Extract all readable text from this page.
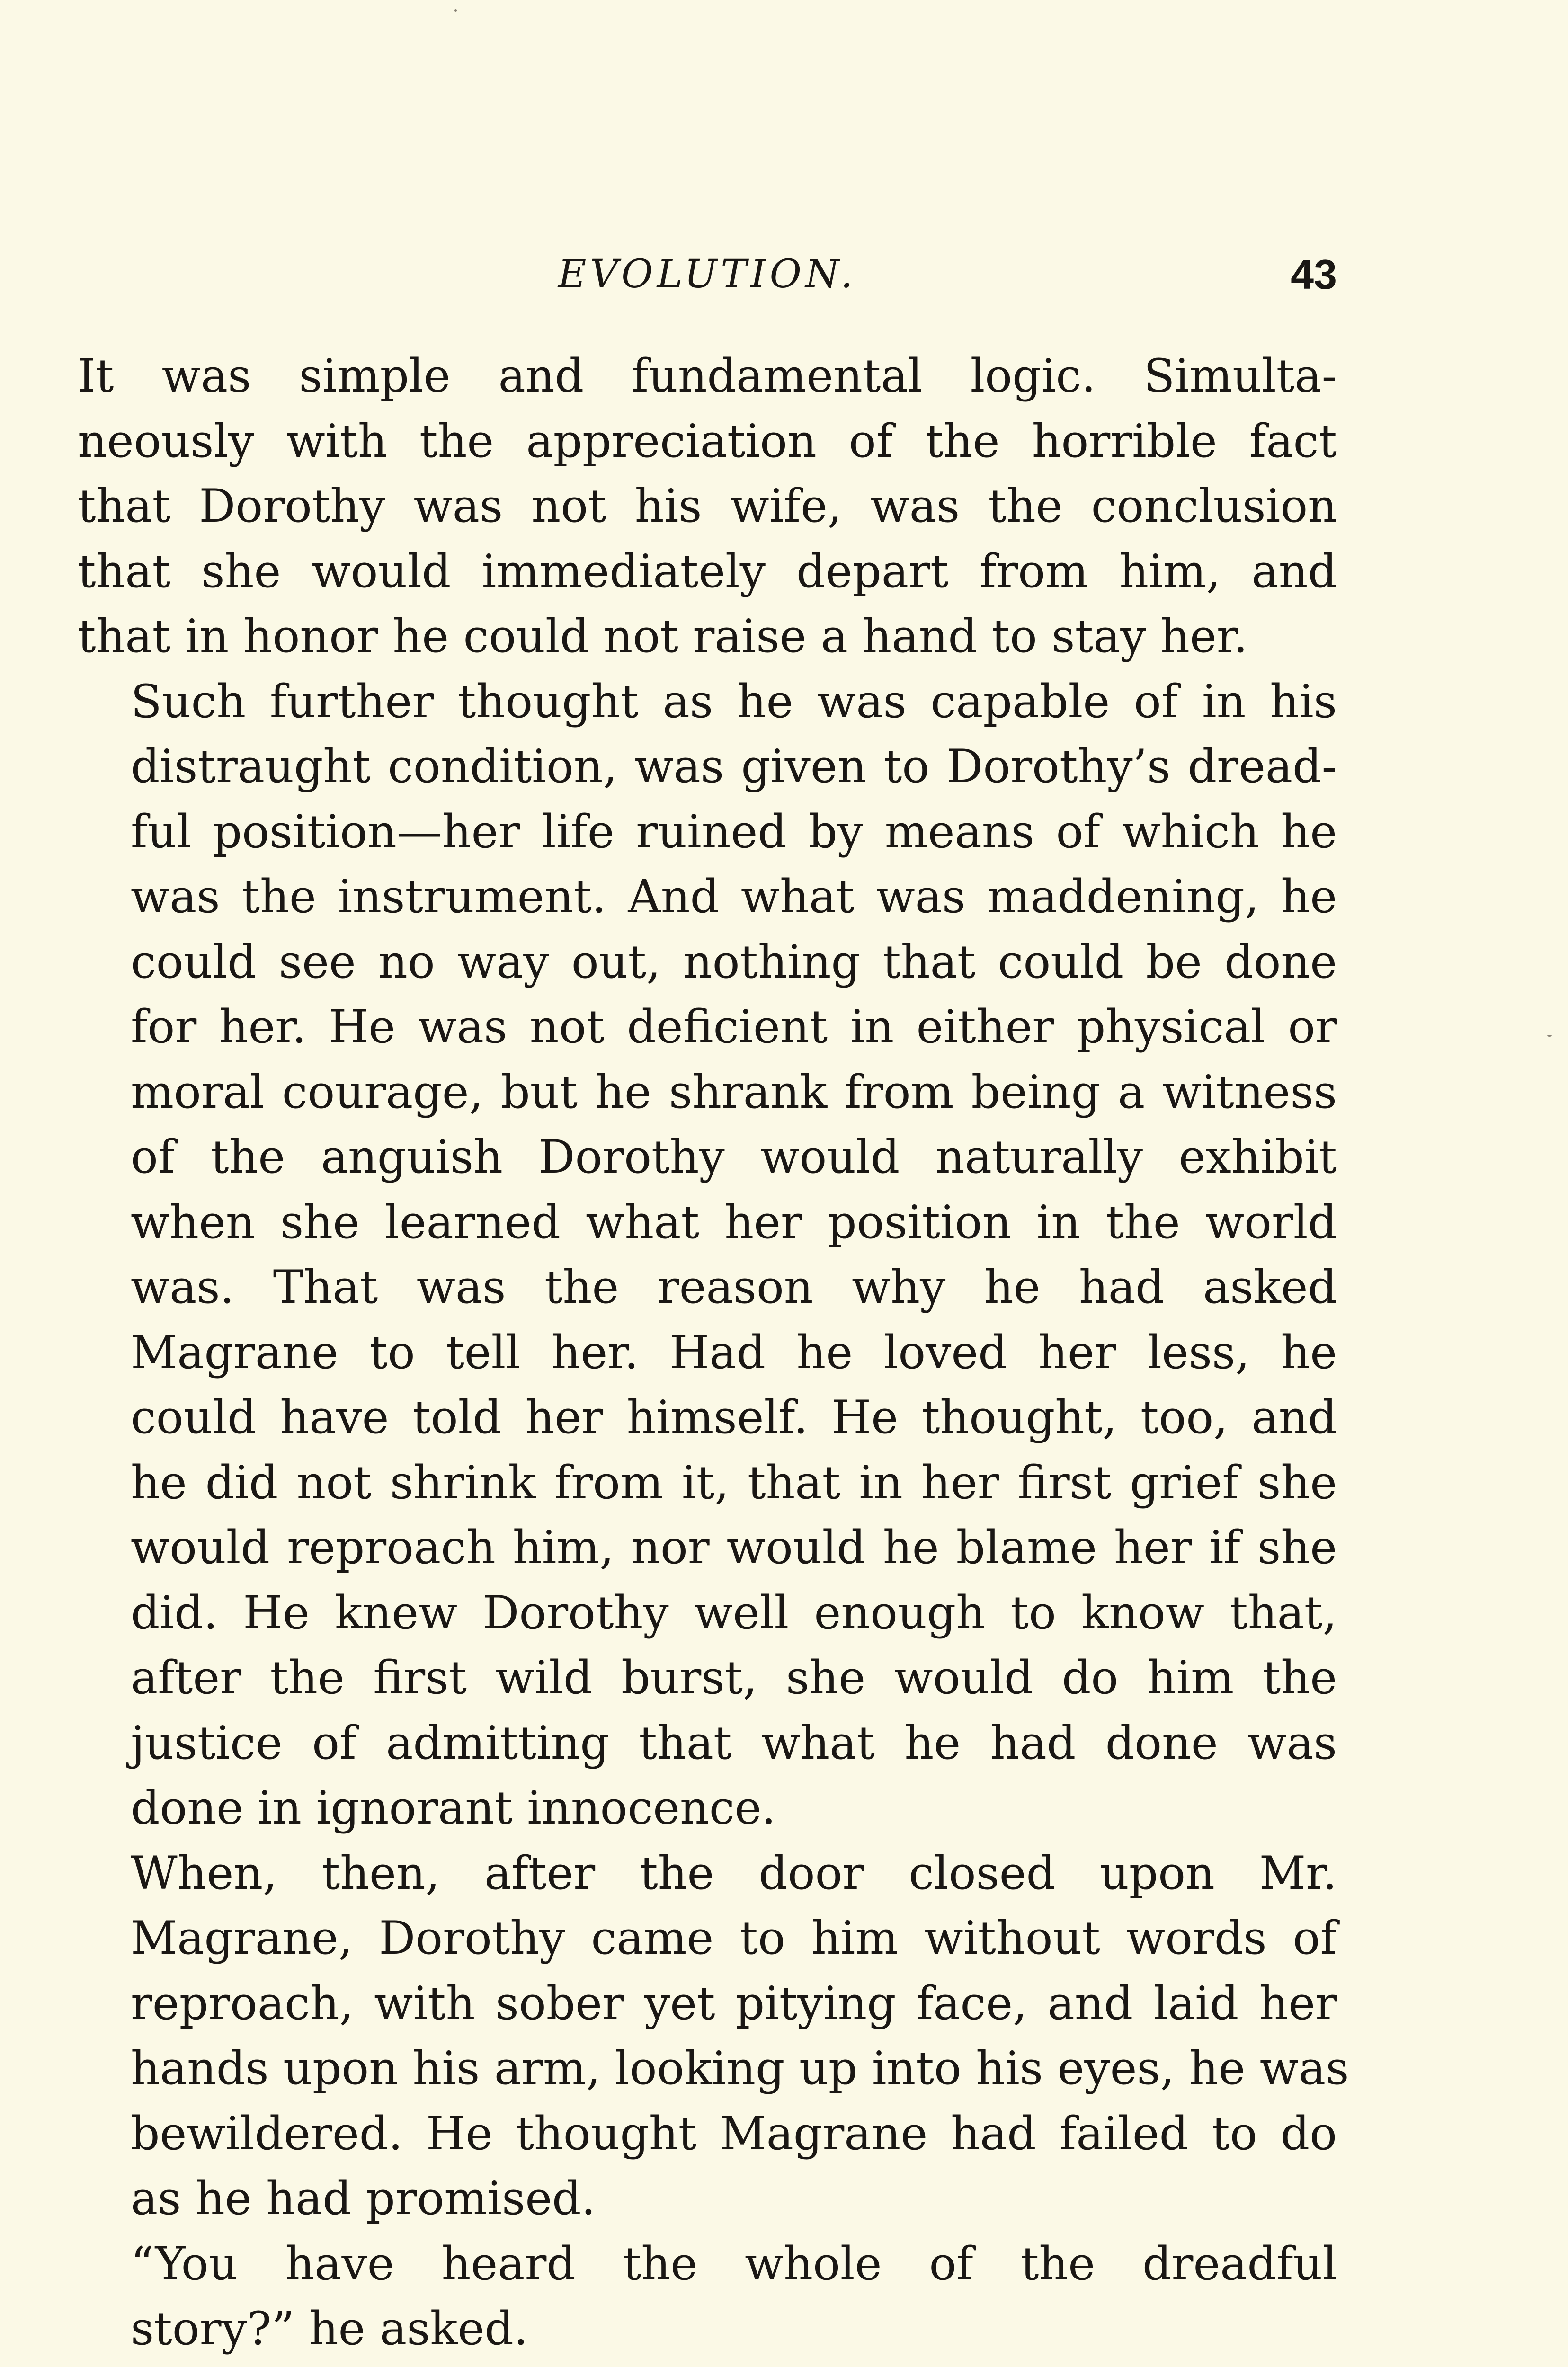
EVOLUTION.	43

It was simple and fundamental logic. Simulta-
neously with the appreciation of the horrible fact
that Dorothy was not his wife, was the conclusion
that she would immediately depart from him, and
that in honor he could not raise a hand to stay her.

Such further thought as he was capable of in his
distraught condition, was given to Dorothy’s dread-
ful position—her life ruined by means of which he
was the instrument. And what was maddening, he
could see no way out, nothing that could be done
for her. He was not deficient in either physical or
moral courage, but he shrank from being a witness
of the anguish Dorothy would naturally exhibit
when she learned what her position in the world
was. That was the reason why he had asked
Magrane to tell her. Had he loved her less, he
could have told her himself. He thought, too, and
he did not shrink from it, that in her first grief she
would reproach him, nor would he blame her if she
did. He knew Dorothy well enough to know that,
after the first wild burst, she would do him the
justice of admitting that what he had done was
done in ignorant innocence.

When, then, after the door closed upon Mr.
Magrane, Dorothy came to him without words of
reproach, with sober yet pitying face, and laid her
hands upon his arm, looking up into his eyes, he was
bewildered. He thought Magrane had failed to do
as he had promised.

“You have heard the whole of the dreadful
story?” he asked.
